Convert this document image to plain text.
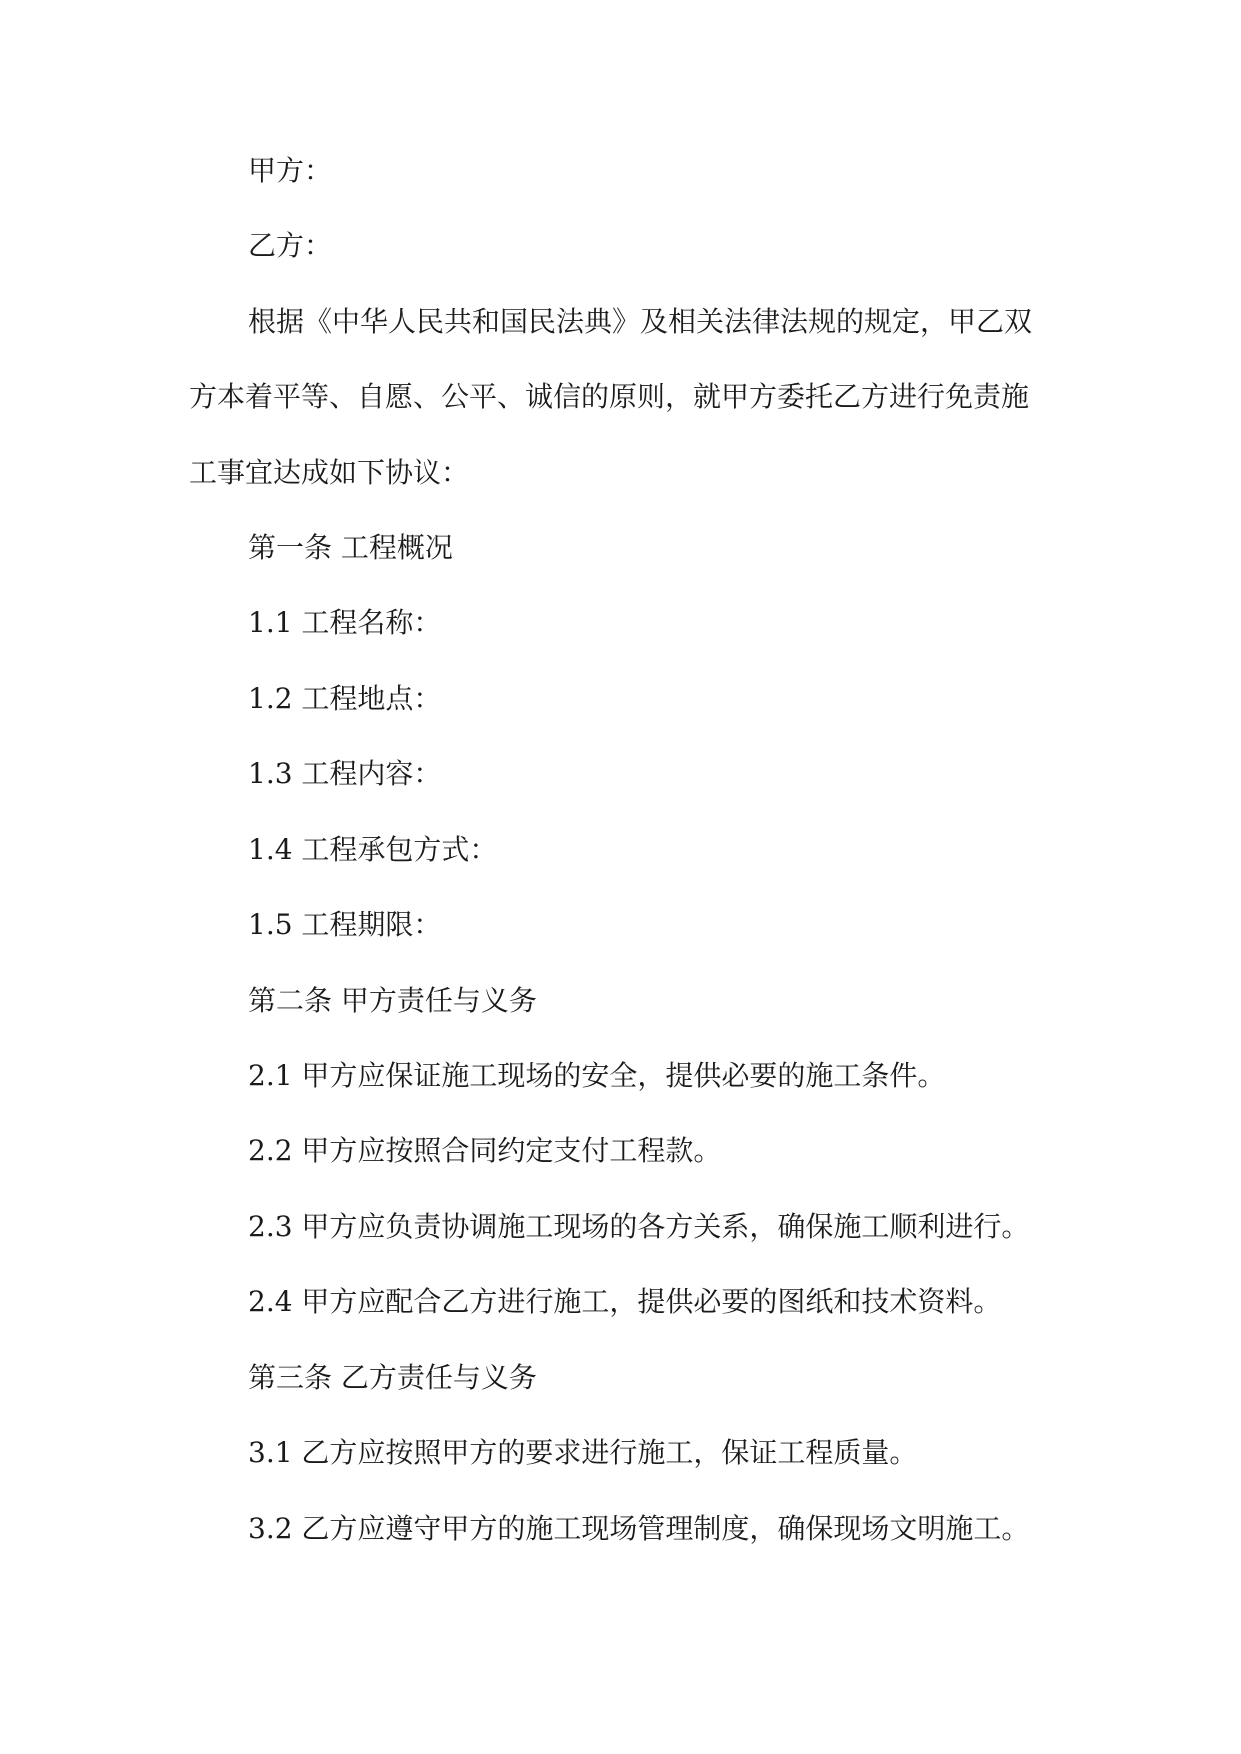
甲方：
乙方：
根据《中华人民共和国民法典》及相关法律法规的规定，甲乙双
方本着平等、自愿、公平、诚信的原则，就甲方委托乙方进行免责施
工事宜达成如下协议：
第一条 工程概况
1.1 工程名称：
1.2 工程地点：
1.3 工程内容：
1.4 工程承包方式：
1.5 工程期限：
第二条 甲方责任与义务
2.1 甲方应保证施工现场的安全，提供必要的施工条件。
2.2 甲方应按照合同约定支付工程款。
2.3 甲方应负责协调施工现场的各方关系，确保施工顺利进行。
2.4 甲方应配合乙方进行施工，提供必要的图纸和技术资料。
第三条 乙方责任与义务
3.1 乙方应按照甲方的要求进行施工，保证工程质量。
3.2 乙方应遵守甲方的施工现场管理制度，确保现场文明施工。
